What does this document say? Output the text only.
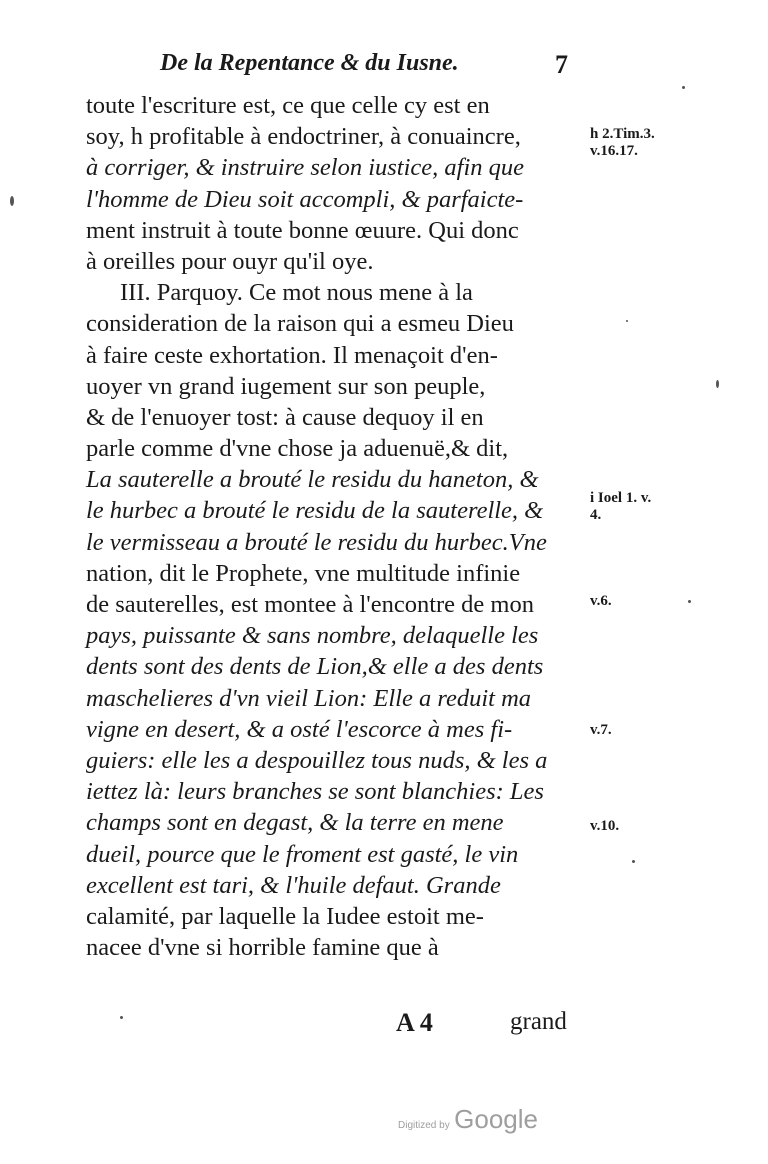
De la Repentance & du Iusne.	7
toute l'escriture est, ce que celle cy est en
soy, h profitable à endoctriner, à conuaincre,
à corriger, & instruire selon iustice, afin que
l'homme de Dieu soit accompli, & parfaicte-
ment instruit à toute bonne œuure. Qui donc
à oreilles pour ouyr qu'il oye.
III. Parquoy. Ce mot nous mene à la
consideration de la raison qui a esmeu Dieu
à faire ceste exhortation. Il menaçoit d'en-
uoyer vn grand iugement sur son peuple,
& de l'enuoyer tost: à cause dequoy il en
parle comme d'vne chose ja aduenuë,& dit,
La sauterelle a brouté le residu du haneton, &
le hurbec a brouté le residu de la sauterelle, &
le vermisseau a brouté le residu du hurbec.Vne
nation, dit le Prophete, vne multitude infinie
de sauterelles, est montee à l'encontre de mon
pays, puissante & sans nombre, delaquelle les
dents sont des dents de Lion,& elle a des dents
maschelieres d'vn vieil Lion: Elle a reduit ma
vigne en desert, & a osté l'escorce à mes fi-
guiers: elle les a despouillez tous nuds, & les a
iettez là: leurs branches se sont blanchies: Les
champs sont en degast, & la terre en mene
dueil, pource que le froment est gasté, le vin
excellent est tari, & l'huile defaut. Grande
calamité, par laquelle la Iudee estoit me-
nacee d'vne si horrible famine que à
h 2.Tim.3.
v.16.17.
i Ioel 1. v.
4.
v.6.
v.7.
v.10.
A 4	grand
Digitized by Google
